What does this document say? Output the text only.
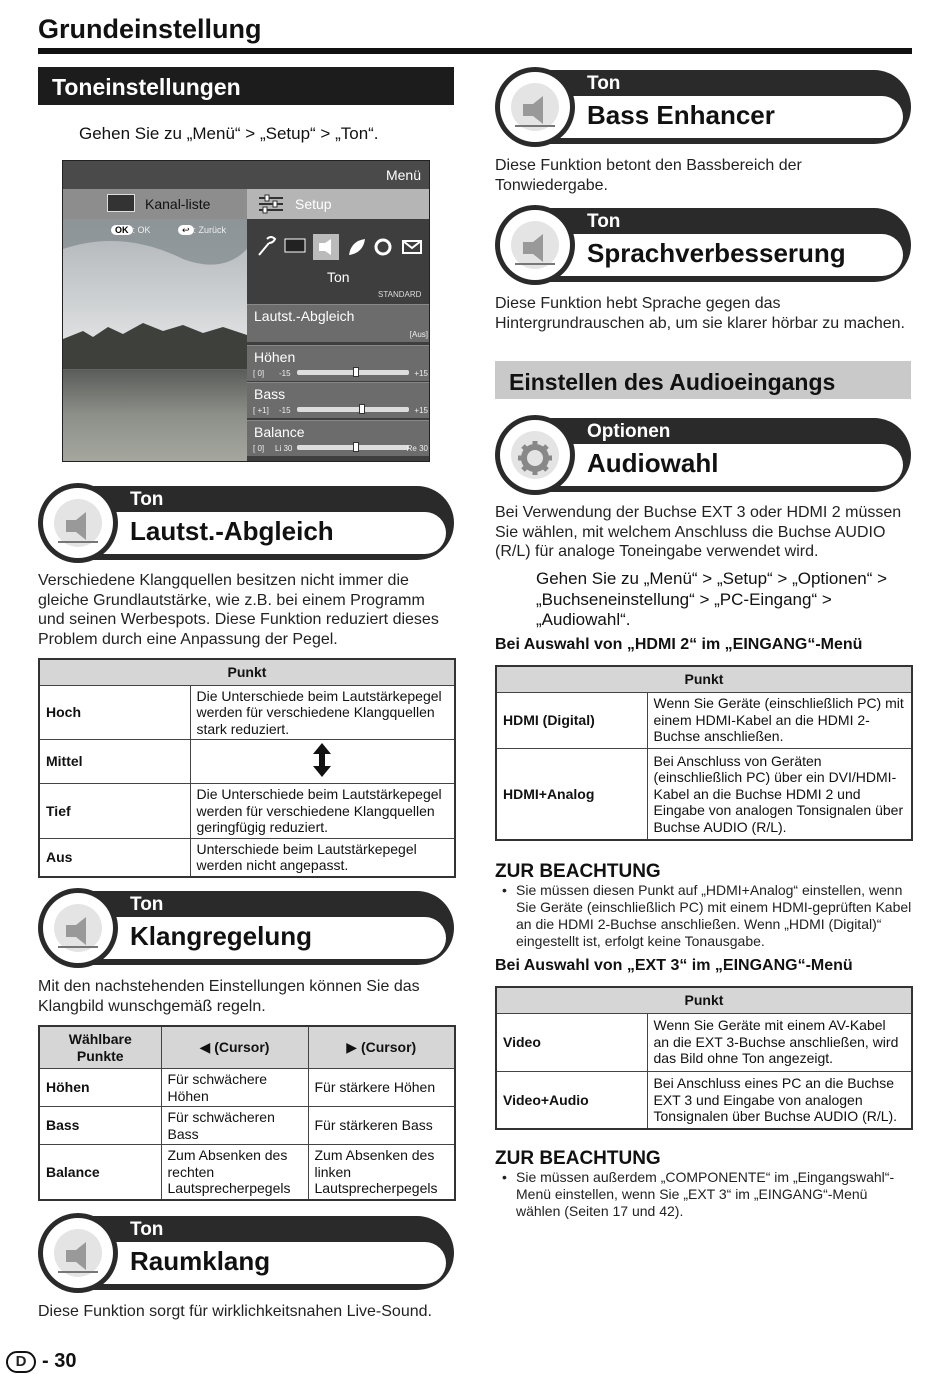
Grundeinstellung
Toneinstellungen
Gehen Sie zu „Menü“ > „Setup“ > „Ton“.
Menü
Kanal-liste	Setup
OK : OK	↩ : Zurück
Ton
STANDARD
Lautst.-Abgleich
[Aus]
Höhen
[ 0] -15	+15
Bass
[ +1] -15	+15
Balance
[ 0] Li 30	Re 30
Ton
Lautst.-Abgleich
Verschiedene Klangquellen besitzen nicht immer die gleiche Grundlautstärke, wie z.B. bei einem Programm und seinen Werbespots. Diese Funktion reduziert dieses Problem durch eine Anpassung der Pegel.
Punkt	
Hoch	Die Unterschiede beim Lautstärkepegel werden für verschiedene Klangquellen stark reduziert.
Mittel	
Tief	Die Unterschiede beim Lautstärkepegel werden für verschiedene Klangquellen geringfügig reduziert.
Aus	Unterschiede beim Lautstärkepegel werden nicht angepasst.
Ton
Klangregelung
Mit den nachstehenden Einstellungen können Sie das Klangbild wunschgemäß regeln.
Wählbare Punkte	◀ (Cursor)	▶ (Cursor)
Höhen	Für schwächere Höhen	Für stärkere Höhen
Bass	Für schwächeren Bass	Für stärkeren Bass
Balance	Zum Absenken des rechten Lautsprecherpegels	Zum Absenken des linken Lautsprecherpegels
Ton
Raumklang
Diese Funktion sorgt für wirklichkeitsnahen Live-Sound.
Ton
Bass Enhancer
Diese Funktion betont den Bassbereich der Tonwiedergabe.
Ton
Sprachverbesserung
Diese Funktion hebt Sprache gegen das Hintergrundrauschen ab, um sie klarer hörbar zu machen.
Einstellen des Audioeingangs
Optionen
Audiowahl
Bei Verwendung der Buchse EXT 3 oder HDMI 2 müssen Sie wählen, mit welchem Anschluss die Buchse AUDIO (R/L) für analoge Toneingabe verwendet wird.
Gehen Sie zu „Menü“ > „Setup“ > „Optionen“ > „Buchseneinstellung“ > „PC-Eingang“ > „Audiowahl“.
Bei Auswahl von „HDMI 2“ im „EINGANG“-Menü
Punkt	
HDMI (Digital)	Wenn Sie Geräte (einschließlich PC) mit einem HDMI-Kabel an die HDMI 2-Buchse anschließen.
HDMI+Analog	Bei Anschluss von Geräten (einschließlich PC) über ein DVI/HDMI-Kabel an die Buchse HDMI 2 und Eingabe von analogen Tonsignalen über Buchse AUDIO (R/L).
ZUR BEACHTUNG
• Sie müssen diesen Punkt auf „HDMI+Analog“ einstellen, wenn Sie Geräte (einschließlich PC) mit einem HDMI-geprüften Kabel an die HDMI 2-Buchse anschließen. Wenn „HDMI (Digital)“ eingestellt ist, erfolgt keine Tonausgabe.
Bei Auswahl von „EXT 3“ im „EINGANG“-Menü
Punkt	
Video	Wenn Sie Geräte mit einem AV-Kabel an die EXT 3-Buchse anschließen, wird das Bild ohne Ton angezeigt.
Video+Audio	Bei Anschluss eines PC an die Buchse EXT 3 und Eingabe von analogen Tonsignalen über Buchse AUDIO (R/L).
ZUR BEACHTUNG
• Sie müssen außerdem „COMPONENTE“ im „Eingangswahl“-Menü einstellen, wenn Sie „EXT 3“ im „EINGANG“-Menü wählen (Seiten 17 und 42).
D - 30
